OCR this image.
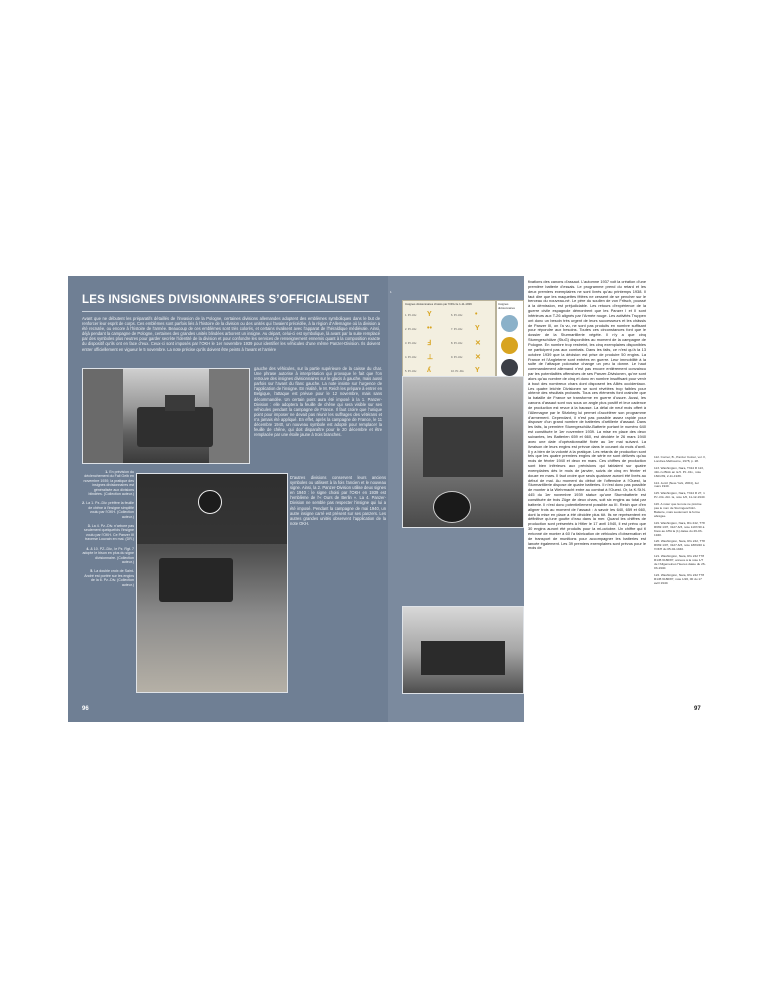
LES INSIGNES DIVISIONNAIRES S’OFFICIALISENT

Avant que ne débutent les préparatifs détaillés de l’invasion de la Pologne, certaines divisions allemandes adoptent des emblèmes symboliques dans le but de renforcer leur esprit de corps. Ces emblèmes sont parfois liés à l’histoire de la division ou des unités qui l’avaient précédée, à la région d’Allemagne où la division a été recrutée, ou encore à l’histoire de l’armée. Beaucoup de ces emblèmes sont très colorés, et certains rivalisent avec l’apparat de l’héraldique médiévale. Ainsi, déjà pendant la campagne de Pologne, certaines des grandes unités blindées arborent un insigne. Au départ, celui-ci est symbolique, là avant par la suite remplacé par des symboles plus neutres pour garder secrète l’identité de la division et pour confondre les services de renseignement ennemis quant à la composition exacte du dispositif qu’ils ont en face d’eux. Ceux-ci sont imposés par l’OKH le 1er novembre 1939 pour identifier les véhicules d’une même Panzer-Division. Ils doivent entrer officiellement en vigueur le 5 novembre. La note précise qu’ils doivent être peints à l’avant et l’arrière

gauche des véhicules, sur la partie supérieure de la caisse du char. Une phrase autorise à interprétation qui provoque le fait que l’on retrouve des insignes divisionnaires sur le glacis à gauche, mais aussi parfois sur l’avant du flanc gauche. La note insiste sur l’urgence de l’application de l’insigne. En réalité, le M. Reich les prépare à entrer en Belgique, l’attaque est prévue pour le 12 novembre, mais sans décommandée. Un certain point aura été imposé à la 1. Panzer-Division : elle adoptera la feuille de chêne qui sera visible sur ses véhicules pendant la campagne de France. Il faut croire que l’unique point pour imposer ne devait pas réunir les suffrages des vétérans et n’a jamais été appliqué. En effet, après la campagne de France, le 11 décembre 1940, un nouveau symbole est adopté pour remplacer la feuille de chêne, qui doit disparaître pour le 20 décembre et être remplacée par une étoile jaune à trois branches.

1. En prévision du déclenchement du Fall Gelb en novembre 1939, la pratique des insignes divisionnaires est généralisée aux divisions blindées. (Collection auteur.)

2. La 1. Pz.-Div. préfère la feuille de chêne à l’insigne simplifié voulu par l’OKH. (Collection auteur.)

3. La 4. Pz.-Div. n’arbore pas seulement quelquefois l’insigne voulu par l’OKH. Ce Panzer III traverse Louvain en mai. (DR.)

4. & 10. PZ.-Div., le Pz. Rgt. 7 adopte le bison en plus du signe divisionnaire. (Collection auteur.)

5. La double croix de Saint-André est portée sur les engins de la 6. Pz.-Div. (Collection auteur.)

D’autres divisions conservent leurs anciens symboles ou utilisent à la fois l’ancien et le nouveau signe. Ainsi, la 2. Panzer-Division utilise deux signes en 1940 : le signe choisi par l’OKH en 1939 est l’emblème de l’« Ours de Berlin ». La 4. Panzer-Division ne semble pas respecter l’insigne qui lui a été imposé. Pendant la campagne de mai 1940, un autre insigne carré est présent sur ses panzers. Les autres grandes unités observent l’application de la note OKH.

96
1
Insignes divisionnaires choisis par l’OKH le 1-11-1939
1. Pz.-Div. Y	6. Pz.-Div. •
2. Pz.-Div. ••	7. Pz.-Div. Y
3. Pz.-Div. Ⅎ	8. Pz.-Div. ✕
4. Pz.-Div. ⊥	9. Pz.-Div. ✕
5. Pz.-Div. ʎ	10. Pz.-Div. Y
Insignes divisionnaires

fixations des canons d’assaut. L’automne 1937 voit la création d’une première batterie d’essais. Le programme prend du retard et les deux premiers exemplaires ne sont livrés qu’au printemps 1938. Il faut dire que les maquettes fêlées ne cessent de se pencher sur le berceau du nouveau-né. Le père du soulien de von Fritsch, poussé à la démission, est préjudiciable. Les retours d’expérience de la guerre civile espagnole démontrent que les Panzer I et II sont inférieurs aux T-26 alignés par l’Armée rouge. Les activités Truppen ont donc un besoin très urgent de leurs successeurs et les châssis de Panzer III, on l’a vu, ne sont pas produits en nombre suffisant pour répondre aux besoins. Toutes ces circonstances font que le dossier de la Sturmartillerie végète. Il n’y a que cinq Sturmgeschütze (StuG) disponibles au moment de la campagne de Pologne. En nombre trop restreint, les cinq exemplaires disponibles ne participent pas aux combats. Dans les faits, ce n’est qu’à la 13 octobre 1939 que la décision est prise de produire 50 engins. La France et l’Angleterre sont entrées en guerre. Leur immobilité à la suite de l’attaque polonaise change un peu la donne. Le haut commandement allemand n’est pas encore entièrement convaincu par les potentialités offensives de ses Panzer-Divisionen, qu’ne sont alors qu’au nombre de cinq et donc en nombre insuffisant pour venir à bout des nombreux chars dont disposent les Alliés occidentaux. Les quatre leichte Divisionen se sont révélées trop faibles pour obtenir des résultats probants. Tous ces éléments font craindre que la bataille de France se transforme en guerre d’usure. Aussi, les canons d’assaut sont vus sous un angle plus positif et leur cadence de production est revue à la hausse. La délai de neuf mois offert à l’Allemagne par le Sitzkrieg lui permet d’accélérer son programme d’armement. Cependant, il n’est pas possible assez rapide pour disposer d’un grand nombre de batteries d’artillerie d’assaut. Dans les faits, la première Sturmgeschütz-Batterie portant le numéro 640 est constituée le 1er novembre 1939. La mise en place des deux suivantes, les Batterien 659 et 660, est décidée le 26 mars 1940 avec une date d’opérationnalité fixée au 1er mai suivant. La livraison de leurs engins est prévue dans le courant du mois d’avril. Il y a bien de la volonté à la pratique. Les retards de production sont tels que les quatre premiers engins de série ne sont délivrés qu’au mois de février 1940 et deux en mars. Ces chiffres de production sont bien inférieurs aux prévisions qui tablaient sur quatre exemplaires dès le mois de janvier, suivis de cinq en février et douze en mars. Il faut croire que seuls quatorze auront été livrés au début de mai. Au moment du début de l’offensive à l’Ouest, la Sturmartillerie dispose de quatre batteries. Il n’est donc pas possible de monter à la Wehrmacht entre au combat à l’Ouest. Or, la K.St.N. 445 du 1er novembre 1939 statue qu’une Sturmbatterie est constituée de trois Züge de deux chars, soit six engins au total par batterie. Il n’est donc potentiellement possible au III. Reich que d’en aligner trois au moment de l’assaut : à savoir les 640, 659 et 660, dont la mise en place a été décidée plus tôt. Ils ne représentent en définitive qu’une goutte d’eau dans la mer. Quand les chiffres de production sont présentés à Hitler le 17 avril 1940, il est prévu que 30 engins auront été produits pour la mi-octobre. Un chiffre qui tl entonné de monter à 60 l’a fabrication de véhicules d’observation et de transport de munitions pour accompagner les batteries est lancée également. Les 39 premiers exemplaires sont prévus pour le mois de

112. Corner, B., Panzer Colour, vol. II, Londres-Melbourne, 1978, p. 28.

113. Washington, Nara, T314 R 113, 41b-zu Blick an la 5. Pz.-Div., note 1601/39, 2-11-1939.

114. Jentz (New-York, 2004), 1er mars 1940.

115. Washington, Nara, T314 R 27, 1 Pz.-Div. Abt. Ia, note 1/0, 11-12-1940.

116. A noter que la note ne précise pas le nom de Sturmgeschütz-Batterie, mais seulement la forme abrégée.

119. Washington, Nara, RG 242, T78 R669 1/07, 3127-6/3, note 1197/40 à Kiew au AHA la (1) datée du 26-03-1940.

120. Washington, Nara, RG 242, T78 R669 1/07, 3127-6/3, note 1883/40 à l’OKH du 05-04-1940.

121. Washington, Nara, RG 242 T78 R145 6180/87, annexe à la note 1/7 de l’Allgemeines Heeres datée du 26-03-1940.

122. Washington, Nara, RG 242 T78 R145 6180/87, note 1/20, 00 du 17 avril 1940.

97
